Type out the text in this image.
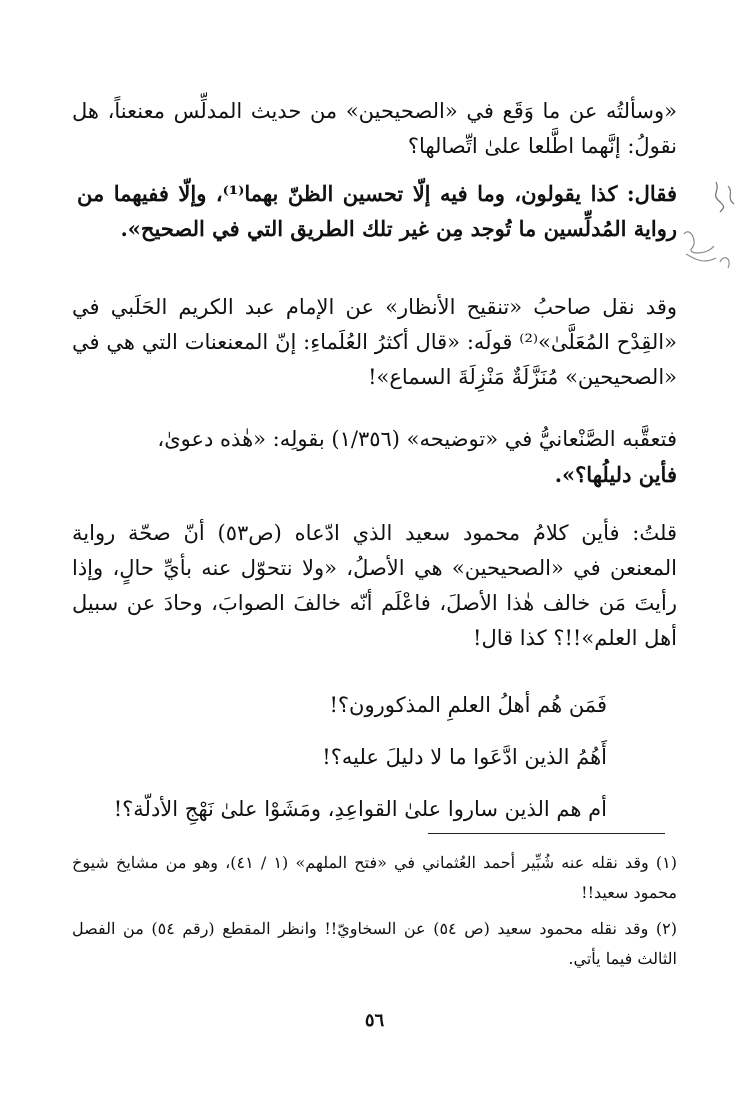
«وسألتُه عن ما وَقَع في «الصحيحين» من حديث المدلِّس معنعناً، هل نقولُ: إنَّهما اطَّلعا علىٰ اتِّصالها؟

فقال: كذا يقولون، وما فيه إلّا تحسين الظنّ بهما⁽¹⁾، وإلّا ففيهما من رواية المُدلِّسين ما تُوجد مِن غير تلك الطريق التي في الصحيح».

وقد نقل صاحبُ «تنقيح الأنظار» عن الإمام عبد الكريم الحَلَبي في «القِدْح المُعَلَّىٰ»⁽²⁾ قولَه: «قال أكثرُ العُلَماءِ: إنّ المعنعنات التي هي في «الصحيحين» مُنَزَّلَةٌ مَنْزِلَةَ السماع»!

فتعقَّبه الصَّنْعانيُّ في «توضيحه» (١/٣٥٦) بقولِه: «هٰذه دعوىٰ،

فأين دليلُها؟».

قلتُ: فأين كلامُ محمود سعيد الذي ادّعاه (ص٥٣) أنّ صحّة رواية المعنعن في «الصحيحين» هي الأصلُ، «ولا نتحوّل عنه بأيِّ حالٍ، وإذا رأيتَ مَن خالف هٰذا الأصلَ، فاعْلَم أنّه خالفَ الصوابَ، وحادَ عن سبيل أهل العلم»!!؟ كذا قال!

فَمَن هُم أهلُ العلمِ المذكورون؟!
أَهُمُ الذين ادَّعَوا ما لا دليلَ عليه؟!
أم هم الذين ساروا علىٰ القواعِدِ، ومَشَوْا علىٰ نَهْجِ الأدلّة؟!
(١) وقد نقله عنه شُبِّير أحمد العُثماني في «فتح الملهم» (١ / ٤١)، وهو من مشايخ شيوخ محمود سعيد!!
(٢) وقد نقله محمود سعيد (ص ٥٤) عن السخاويّ!! وانظر المقطع (رقم ٥٤) من الفصل الثالث فيما يأتي.
٥٦
